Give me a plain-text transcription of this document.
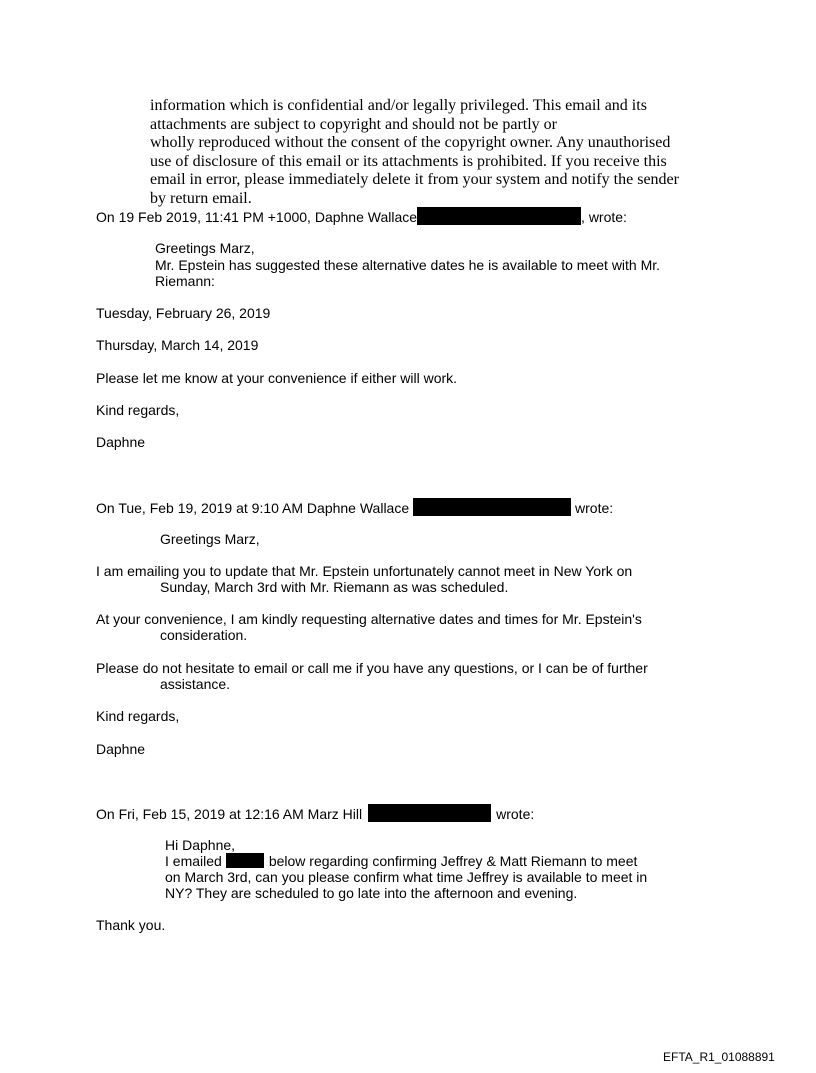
information which is confidential and/or legally privileged. This email and its
attachments are subject to copyright and should not be partly or
wholly reproduced without the consent of the copyright owner. Any unauthorised
use of disclosure of this email or its attachments is prohibited. If you receive this
email in error, please immediately delete it from your system and notify the sender
by return email.
On 19 Feb 2019, 11:41 PM +1000, Daphne Wallace	, wrote:
Greetings Marz,
Mr. Epstein has suggested these alternative dates he is available to meet with Mr.
Riemann:
Tuesday, February 26, 2019
Thursday, March 14, 2019
Please let me know at your convenience if either will work.
Kind regards,
Daphne
On Tue, Feb 19, 2019 at 9:10 AM Daphne Wallace	wrote:
Greetings Marz,
I am emailing you to update that Mr. Epstein unfortunately cannot meet in New York on
Sunday, March 3rd with Mr. Riemann as was scheduled.
At your convenience, I am kindly requesting alternative dates and times for Mr. Epstein's
consideration.
Please do not hesitate to email or call me if you have any questions, or I can be of further
assistance.
Kind regards,
Daphne
On Fri, Feb 15, 2019 at 12:16 AM Marz Hill	wrote:
Hi Daphne,
I emailed	below regarding confirming Jeffrey & Matt Riemann to meet
on March 3rd, can you please confirm what time Jeffrey is available to meet in
NY? They are scheduled to go late into the afternoon and evening.
Thank you.
EFTA_R1_01088891
